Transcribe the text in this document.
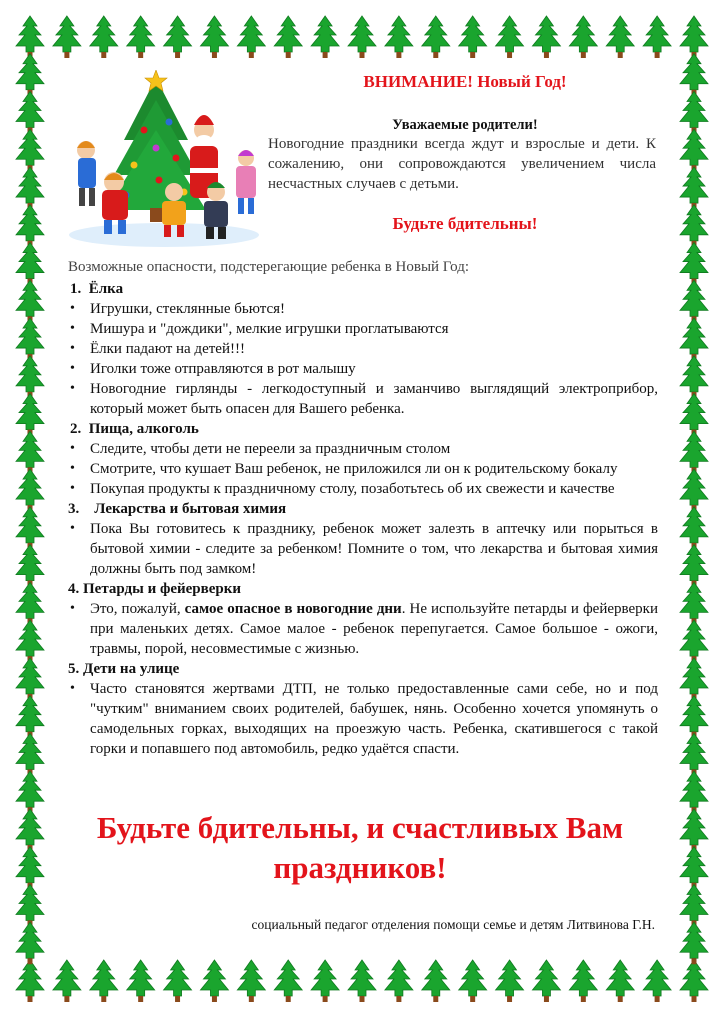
ВНИМАНИЕ! Новый Год!
Уважаемые родители!
Новогодние праздники всегда ждут и взрослые и дети. К сожалению, они сопровождаются увеличением числа несчастных случаев с детьми.
Будьте бдительны!
Возможные опасности, подстерегающие ребенка в Новый Год:
1. Ёлка
• Игрушки, стеклянные бьются!
• Мишура и "дождики", мелкие игрушки проглатываются
• Ёлки падают на детей!!!
• Иголки тоже отправляются в рот малышу
• Новогодние гирлянды - легкодоступный и заманчиво выглядящий электроприбор, который может быть опасен для Вашего ребенка.
2. Пища, алкоголь
• Следите, чтобы дети не переели за праздничным столом
• Смотрите, что кушает Ваш ребенок, не приложился ли он к родительскому бокалу
• Покупая продукты к праздничному столу, позаботьтесь об их свежести и качестве
3. Лекарства и бытовая химия
• Пока Вы готовитесь к празднику, ребенок может залезть в аптечку или порыться в бытовой химии - следите за ребенком! Помните о том, что лекарства и бытовая химия должны быть под замком!
4. Петарды и фейерверки
• Это, пожалуй, самое опасное в новогодние дни. Не используйте петарды и фейерверки при маленьких детях. Самое малое - ребенок перепугается. Самое большое - ожоги, травмы, порой, несовместимые с жизнью.
5. Дети на улице
• Часто становятся жертвами ДТП, не только предоставленные сами себе, но и под "чутким" вниманием своих родителей, бабушек, нянь. Особенно хочется упомянуть о самодельных горках, выходящих на проезжую часть. Ребенка, скатившегося с такой горки и попавшего под автомобиль, редко удаётся спасти.
Будьте бдительны, и счастливых Вам праздников!
социальный педагог отделения помощи семье и детям Литвинова Г.Н.
